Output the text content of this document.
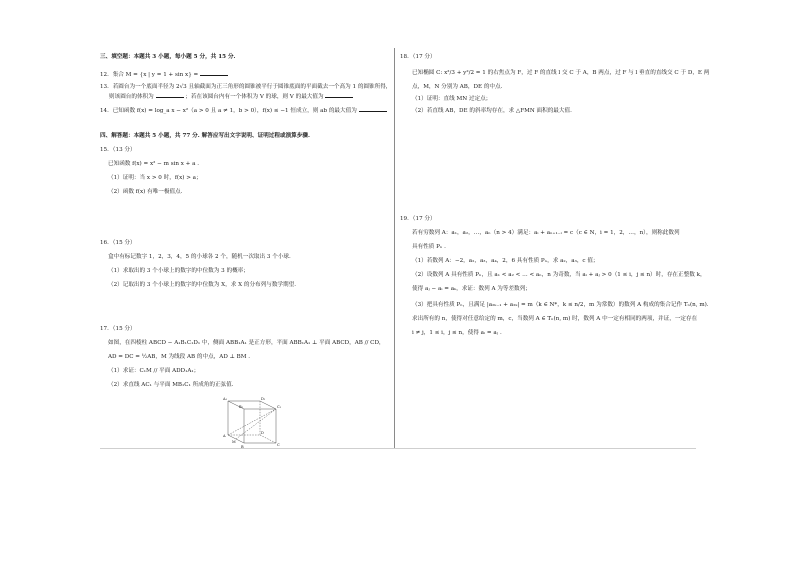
三、填空题：本题共 3 小题，每小题 5 分，共 15 分.
12．集合 M = {x | y = 1 + sin x} =
13．若圆台为一个底面半径为 2√3 且轴截面为正三角形的圆锥被平行于圆锥底面的平面截去一个高为 1 的圆锥所得，
则该圆台的体积为	；若在该圆台内有一个体积为 V 的球，则 V 的最大值为
14．已知函数 f(x) = log_a x − x²（a > 0 且 a ≠ 1，b > 0），f(x) ≤ −1 恒成立，则 ab 的最大值为
四、解答题：本题共 5 小题，共 77 分. 解答应写出文字说明、证明过程或演算步骤.
15．（13 分）
已知函数 f(x) = x² − m sin x + a .
（1）证明：当 x > 0 时，f(x) > a；
（2）函数 f(x) 有唯一极值点.
16．（15 分）
盒中有标记数字 1，2，3，4，5 的小球各 2 个，随机一次取出 3 个小球.
（1）求取出的 3 个小球上的数字的中位数为 3 的概率；
（2）记取出的 3 个小球上的数字的中位数为 X，求 X 的分布列与数学期望.
17．（15 分）
如图，在四棱柱 ABCD − A₁B₁C₁D₁ 中，侧面 ABB₁A₁ 是正方形，平面 ABB₁A₁ ⊥ 平面 ABCD，AB // CD，
AD = DC = ½AB，M 为线段 AB 的中点，AD ⊥ BM .
（1）求证：C₁M // 平面 ADD₁A₁；
（2）求直线 AC₁ 与平面 MB₁C₁ 所成角的正弦值.
A₁	D₁
C₁
B₁
A
D
C
B
M
18．（17 分）
已知椭圆 C: x²/3 + y²/2 = 1 的右焦点为 F，过 F 的直线 l 交 C 于 A，B 两点，过 F 与 l 垂直的直线交 C 于 D，E 两
点，M，N 分别为 AB，DE 的中点.
（1）证明：直线 MN 过定点；
（2）若直线 AB，DE 的斜率均存在，求 △FMN 面积的最大值.
19．（17 分）
若有穷数列 A：a₁，a₂，…，aₙ（n > 4）满足：aᵢ + aₙ₊₁₋ᵢ = c（c ∈ N，i = 1，2，…，n），则称此数列
具有性质 Pₙ .
（1）若数列 A：−2，a₂，a₃，a₄，2，6 具有性质 Pₙ，求 a₂，a₃，c 值；
（2）设数列 A 具有性质 Pₙ，且 a₁ < a₂ < … < aₙ，n 为奇数，当 aᵢ + aⱼ > 0（1 ≤ i，j ≤ n）时，存在正整数 k，
使得 aⱼ − aᵢ = aₖ，求证：数列 A 为等差数列；
（3）把具有性质 Pₙ，且满足 |a₂ₖ₋₁ + a₂ₖ| = m（k ∈ N*，k ≤ n/2，m 为常数）的数列 A 构成的集合记作 Tₙ(n, m).
求出所有的 n，使得对任意给定的 m，c，当数列 A ∈ Tₙ(n, m) 时，数列 A 中一定有相同的两项，并证，一定存在
i ≠ j，1 ≤ i，j ≤ n，使得 aᵢ = aⱼ .
